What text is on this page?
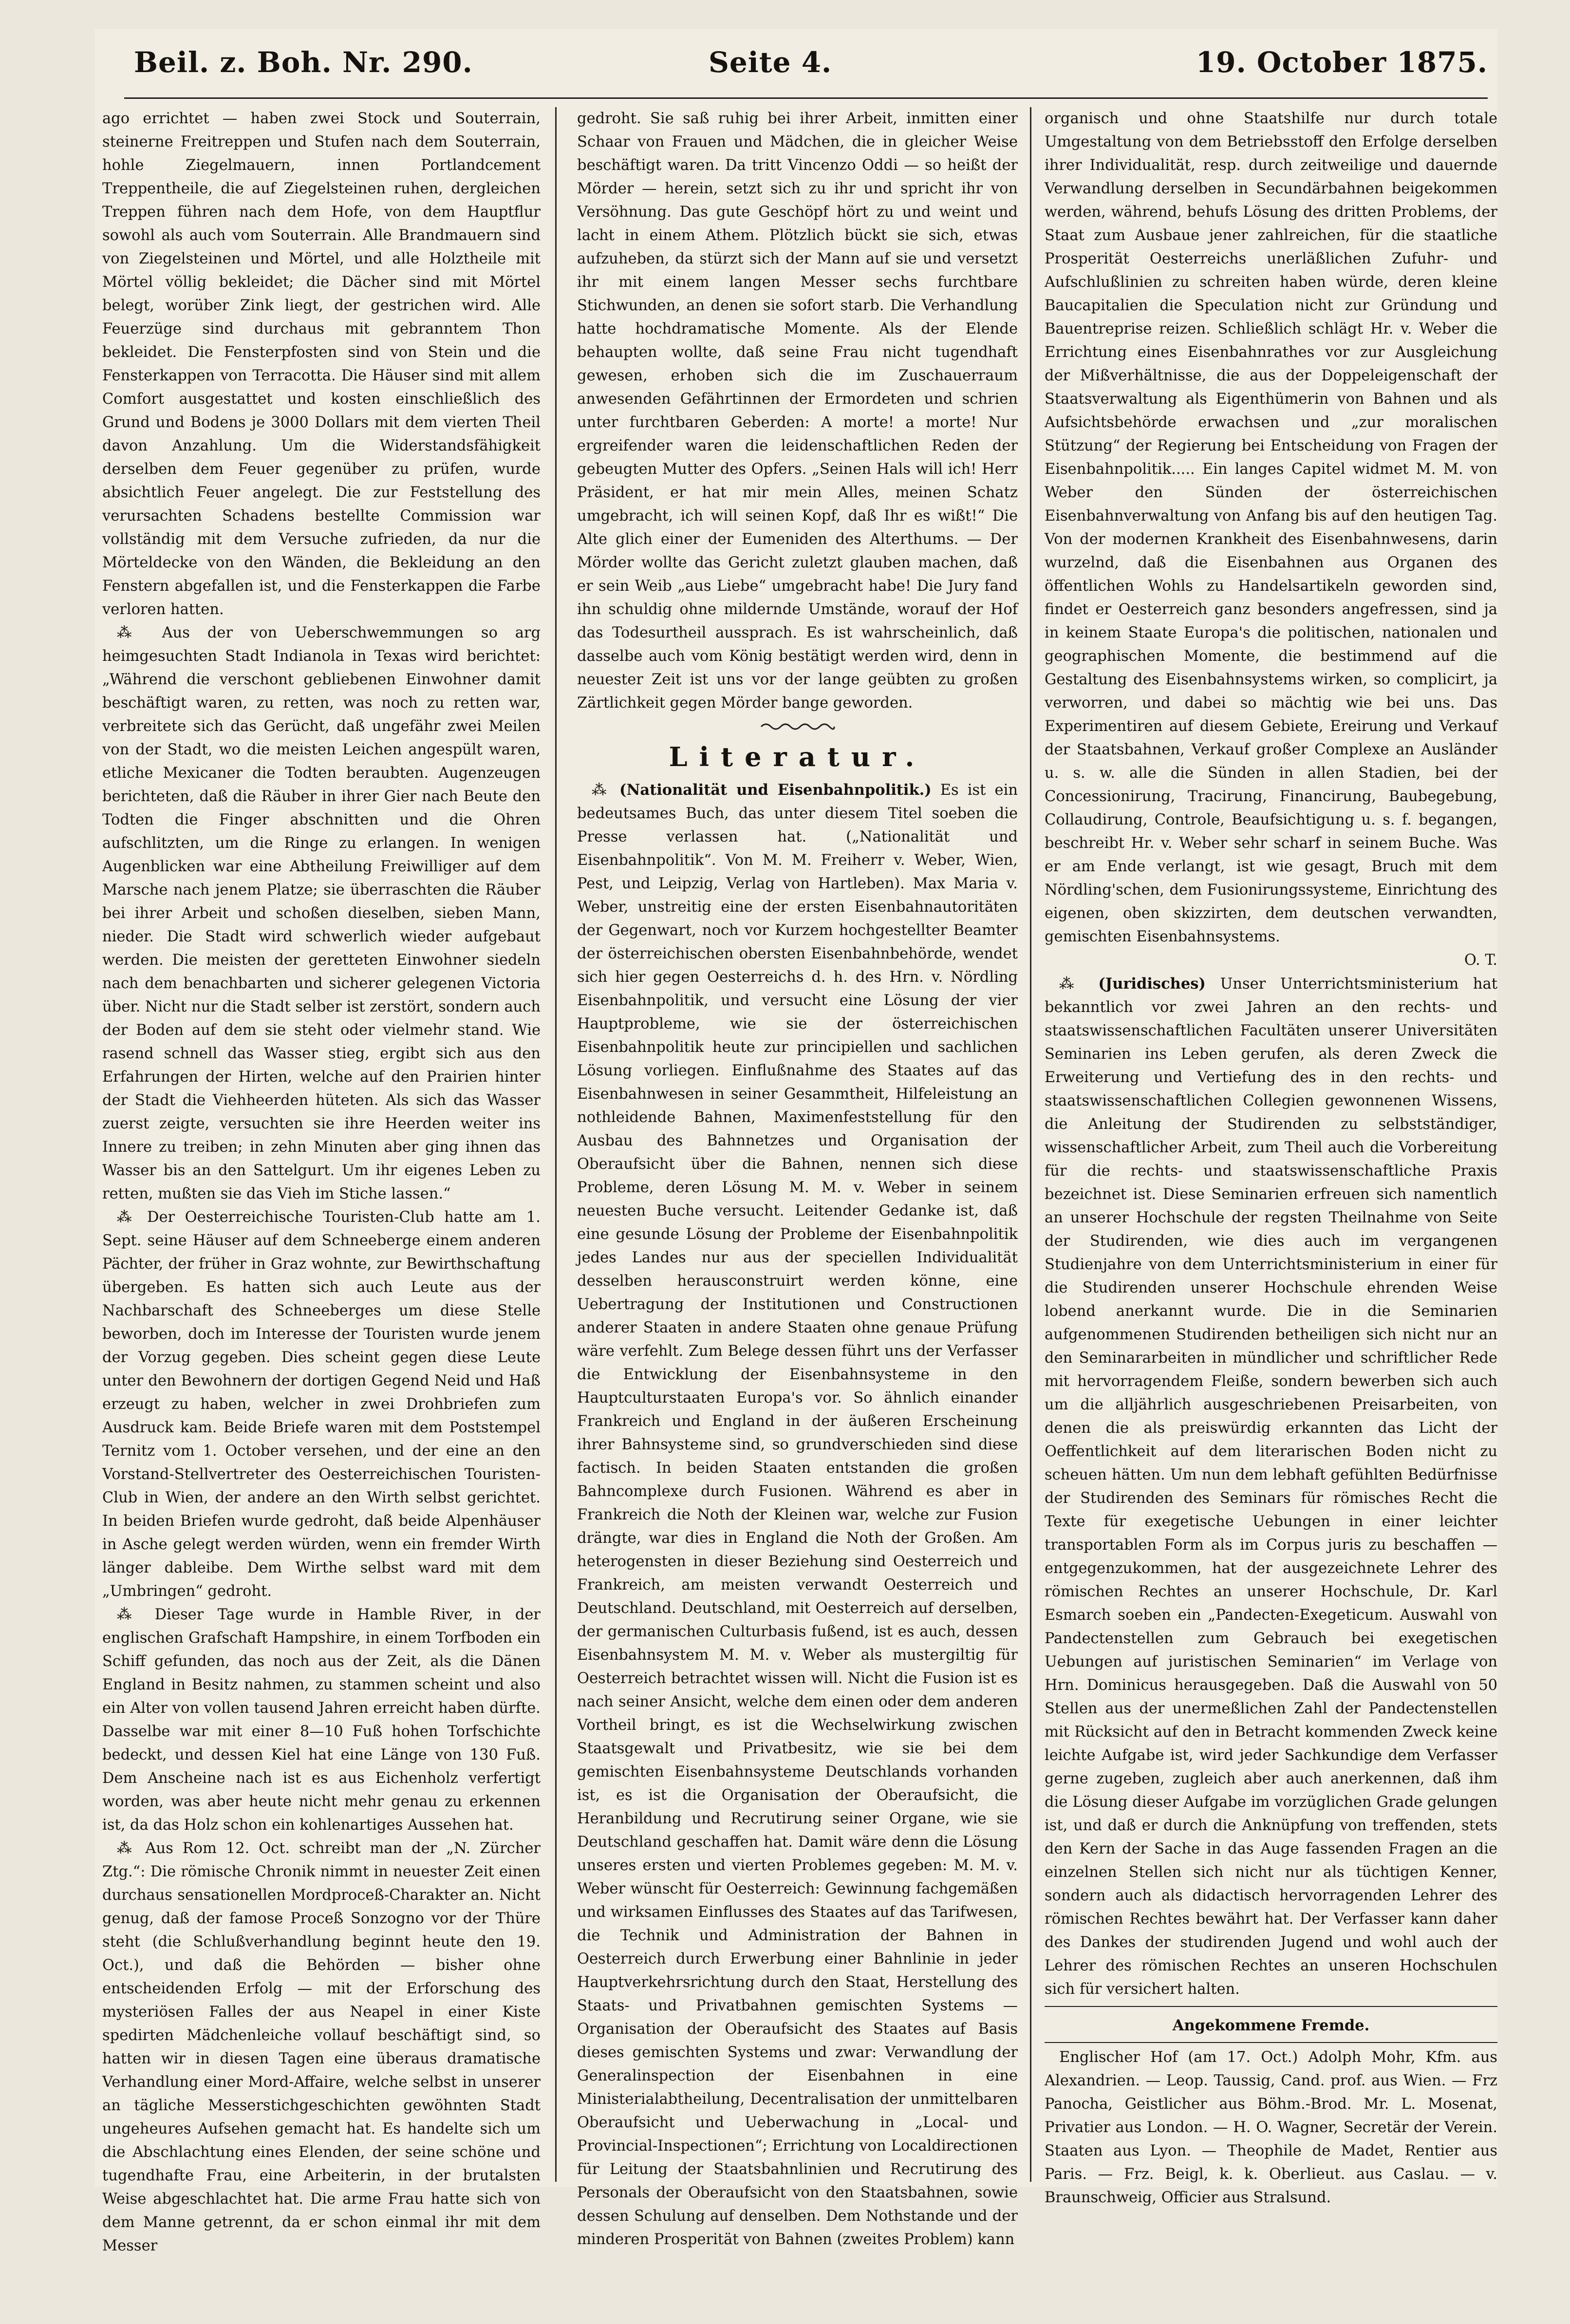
Beil. z. Boh. Nr. 290.	Seite 4.	19. October 1875.

ago errichtet — haben zwei Stock und Souterrain, steinerne Freitreppen und Stufen nach dem Souterrain, hohle Ziegelmauern, innen Portlandcement Treppentheile, die auf Ziegelsteinen ruhen, dergleichen Treppen führen nach dem Hofe, von dem Hauptflur sowohl als auch vom Souterrain. Alle Brandmauern sind von Ziegelsteinen und Mörtel, und alle Holztheile mit Mörtel völlig bekleidet; die Dächer sind mit Mörtel belegt, worüber Zink liegt, der gestrichen wird. Alle Feuerzüge sind durchaus mit gebranntem Thon bekleidet. Die Fensterpfosten sind von Stein und die Fensterkappen von Terracotta. Die Häuser sind mit allem Comfort ausgestattet und kosten einschließlich des Grund und Bodens je 3000 Dollars mit dem vierten Theil davon Anzahlung. Um die Widerstandsfähigkeit derselben dem Feuer gegenüber zu prüfen, wurde absichtlich Feuer angelegt. Die zur Feststellung des verursachten Schadens bestellte Commission war vollständig mit dem Versuche zufrieden, da nur die Mörteldecke von den Wänden, die Bekleidung an den Fenstern abgefallen ist, und die Fensterkappen die Farbe verloren hatten.

⁂ Aus der von Ueberschwemmungen so arg heimgesuchten Stadt Indianola in Texas wird berichtet: „Während die verschont gebliebenen Einwohner damit beschäftigt waren, zu retten, was noch zu retten war, verbreitete sich das Gerücht, daß ungefähr zwei Meilen von der Stadt, wo die meisten Leichen angespült waren, etliche Mexicaner die Todten beraubten. Augenzeugen berichteten, daß die Räuber in ihrer Gier nach Beute den Todten die Finger abschnitten und die Ohren aufschlitzten, um die Ringe zu erlangen. In wenigen Augenblicken war eine Abtheilung Freiwilliger auf dem Marsche nach jenem Platze; sie überraschten die Räuber bei ihrer Arbeit und schoßen dieselben, sieben Mann, nieder. Die Stadt wird schwerlich wieder aufgebaut werden. Die meisten der geretteten Einwohner siedeln nach dem benachbarten und sicherer gelegenen Victoria über. Nicht nur die Stadt selber ist zerstört, sondern auch der Boden auf dem sie steht oder vielmehr stand. Wie rasend schnell das Wasser stieg, ergibt sich aus den Erfahrungen der Hirten, welche auf den Prairien hinter der Stadt die Viehheerden hüteten. Als sich das Wasser zuerst zeigte, versuchten sie ihre Heerden weiter ins Innere zu treiben; in zehn Minuten aber ging ihnen das Wasser bis an den Sattelgurt. Um ihr eigenes Leben zu retten, mußten sie das Vieh im Stiche lassen.“

⁂ Der Oesterreichische Touristen-Club hatte am 1. Sept. seine Häuser auf dem Schneeberge einem anderen Pächter, der früher in Graz wohnte, zur Bewirthschaftung übergeben. Es hatten sich auch Leute aus der Nachbarschaft des Schneeberges um diese Stelle beworben, doch im Interesse der Touristen wurde jenem der Vorzug gegeben. Dies scheint gegen diese Leute unter den Bewohnern der dortigen Gegend Neid und Haß erzeugt zu haben, welcher in zwei Drohbriefen zum Ausdruck kam. Beide Briefe waren mit dem Poststempel Ternitz vom 1. October versehen, und der eine an den Vorstand-Stellvertreter des Oesterreichischen Touristen-Club in Wien, der andere an den Wirth selbst gerichtet. In beiden Briefen wurde gedroht, daß beide Alpenhäuser in Asche gelegt werden würden, wenn ein fremder Wirth länger dableibe. Dem Wirthe selbst ward mit dem „Umbringen“ gedroht.

⁂ Dieser Tage wurde in Hamble River, in der englischen Grafschaft Hampshire, in einem Torfboden ein Schiff gefunden, das noch aus der Zeit, als die Dänen England in Besitz nahmen, zu stammen scheint und also ein Alter von vollen tausend Jahren erreicht haben dürfte. Dasselbe war mit einer 8—10 Fuß hohen Torfschichte bedeckt, und dessen Kiel hat eine Länge von 130 Fuß. Dem Anscheine nach ist es aus Eichenholz verfertigt worden, was aber heute nicht mehr genau zu erkennen ist, da das Holz schon ein kohlenartiges Aussehen hat.

⁂ Aus Rom 12. Oct. schreibt man der „N. Zürcher Ztg.“: Die römische Chronik nimmt in neuester Zeit einen durchaus sensationellen Mordproceß-Charakter an. Nicht genug, daß der famose Proceß Sonzogno vor der Thüre steht (die Schlußverhandlung beginnt heute den 19. Oct.), und daß die Behörden — bisher ohne entscheidenden Erfolg — mit der Erforschung des mysteriösen Falles der aus Neapel in einer Kiste spedirten Mädchenleiche vollauf beschäftigt sind, so hatten wir in diesen Tagen eine überaus dramatische Verhandlung einer Mord-Affaire, welche selbst in unserer an tägliche Messerstichgeschichten gewöhnten Stadt ungeheures Aufsehen gemacht hat. Es handelte sich um die Abschlachtung eines Elenden, der seine schöne und tugendhafte Frau, eine Arbeiterin, in der brutalsten Weise abgeschlachtet hat. Die arme Frau hatte sich von dem Manne getrennt, da er schon einmal ihr mit dem Messer

gedroht. Sie saß ruhig bei ihrer Arbeit, inmitten einer Schaar von Frauen und Mädchen, die in gleicher Weise beschäftigt waren. Da tritt Vincenzo Oddi — so heißt der Mörder — herein, setzt sich zu ihr und spricht ihr von Versöhnung. Das gute Geschöpf hört zu und weint und lacht in einem Athem. Plötzlich bückt sie sich, etwas aufzuheben, da stürzt sich der Mann auf sie und versetzt ihr mit einem langen Messer sechs furchtbare Stichwunden, an denen sie sofort starb. Die Verhandlung hatte hochdramatische Momente. Als der Elende behaupten wollte, daß seine Frau nicht tugendhaft gewesen, erhoben sich die im Zuschauerraum anwesenden Gefährtinnen der Ermordeten und schrien unter furchtbaren Geberden: A morte! a morte! Nur ergreifender waren die leidenschaftlichen Reden der gebeugten Mutter des Opfers. „Seinen Hals will ich! Herr Präsident, er hat mir mein Alles, meinen Schatz umgebracht, ich will seinen Kopf, daß Ihr es wißt!“ Die Alte glich einer der Eumeniden des Alterthums. — Der Mörder wollte das Gericht zuletzt glauben machen, daß er sein Weib „aus Liebe“ umgebracht habe! Die Jury fand ihn schuldig ohne mildernde Umstände, worauf der Hof das Todesurtheil aussprach. Es ist wahrscheinlich, daß dasselbe auch vom König bestätigt werden wird, denn in neuester Zeit ist uns vor der lange geübten zu großen Zärtlichkeit gegen Mörder bange geworden.

Literatur.

⁂ (Nationalität und Eisenbahnpolitik.) Es ist ein bedeutsames Buch, das unter diesem Titel soeben die Presse verlassen hat. („Nationalität und Eisenbahnpolitik“. Von M. M. Freiherr v. Weber, Wien, Pest, und Leipzig, Verlag von Hartleben). Max Maria v. Weber, unstreitig eine der ersten Eisenbahnautoritäten der Gegenwart, noch vor Kurzem hochgestellter Beamter der österreichischen obersten Eisenbahnbehörde, wendet sich hier gegen Oesterreichs d. h. des Hrn. v. Nördling Eisenbahnpolitik, und versucht eine Lösung der vier Hauptprobleme, wie sie der österreichischen Eisenbahnpolitik heute zur principiellen und sachlichen Lösung vorliegen. Einflußnahme des Staates auf das Eisenbahnwesen in seiner Gesammtheit, Hilfeleistung an nothleidende Bahnen, Maximenfeststellung für den Ausbau des Bahnnetzes und Organisation der Oberaufsicht über die Bahnen, nennen sich diese Probleme, deren Lösung M. M. v. Weber in seinem neuesten Buche versucht. Leitender Gedanke ist, daß eine gesunde Lösung der Probleme der Eisenbahnpolitik jedes Landes nur aus der speciellen Individualität desselben herausconstruirt werden könne, eine Uebertragung der Institutionen und Constructionen anderer Staaten in andere Staaten ohne genaue Prüfung wäre verfehlt. Zum Belege dessen führt uns der Verfasser die Entwicklung der Eisenbahnsysteme in den Hauptculturstaaten Europa's vor. So ähnlich einander Frankreich und England in der äußeren Erscheinung ihrer Bahnsysteme sind, so grundverschieden sind diese factisch. In beiden Staaten entstanden die großen Bahncomplexe durch Fusionen. Während es aber in Frankreich die Noth der Kleinen war, welche zur Fusion drängte, war dies in England die Noth der Großen. Am heterogensten in dieser Beziehung sind Oesterreich und Frankreich, am meisten verwandt Oesterreich und Deutschland. Deutschland, mit Oesterreich auf derselben, der germanischen Culturbasis fußend, ist es auch, dessen Eisenbahnsystem M. M. v. Weber als mustergiltig für Oesterreich betrachtet wissen will. Nicht die Fusion ist es nach seiner Ansicht, welche dem einen oder dem anderen Vortheil bringt, es ist die Wechselwirkung zwischen Staatsgewalt und Privatbesitz, wie sie bei dem gemischten Eisenbahnsysteme Deutschlands vorhanden ist, es ist die Organisation der Oberaufsicht, die Heranbildung und Recrutirung seiner Organe, wie sie Deutschland geschaffen hat. Damit wäre denn die Lösung unseres ersten und vierten Problemes gegeben: M. M. v. Weber wünscht für Oesterreich: Gewinnung fachgemäßen und wirksamen Einflusses des Staates auf das Tarifwesen, die Technik und Administration der Bahnen in Oesterreich durch Erwerbung einer Bahnlinie in jeder Hauptverkehrsrichtung durch den Staat, Herstellung des Staats- und Privatbahnen gemischten Systems — Organisation der Oberaufsicht des Staates auf Basis dieses gemischten Systems und zwar: Verwandlung der Generalinspection der Eisenbahnen in eine Ministerialabtheilung, Decentralisation der unmittelbaren Oberaufsicht und Ueberwachung in „Local- und Provincial-Inspectionen“; Errichtung von Localdirectionen für Leitung der Staatsbahnlinien und Recrutirung des Personals der Oberaufsicht von den Staatsbahnen, sowie dessen Schulung auf denselben. Dem Nothstande und der minderen Prosperität von Bahnen (zweites Problem) kann

organisch und ohne Staatshilfe nur durch totale Umgestaltung von dem Betriebsstoff den Erfolge derselben ihrer Individualität, resp. durch zeitweilige und dauernde Verwandlung derselben in Secundärbahnen beigekommen werden, während, behufs Lösung des dritten Problems, der Staat zum Ausbaue jener zahlreichen, für die staatliche Prosperität Oesterreichs unerläßlichen Zufuhr- und Aufschlußlinien zu schreiten haben würde, deren kleine Baucapitalien die Speculation nicht zur Gründung und Bauentreprise reizen. Schließlich schlägt Hr. v. Weber die Errichtung eines Eisenbahnrathes vor zur Ausgleichung der Mißverhältnisse, die aus der Doppeleigenschaft der Staatsverwaltung als Eigenthümerin von Bahnen und als Aufsichtsbehörde erwachsen und „zur moralischen Stützung“ der Regierung bei Entscheidung von Fragen der Eisenbahnpolitik..... Ein langes Capitel widmet M. M. von Weber den Sünden der österreichischen Eisenbahnverwaltung von Anfang bis auf den heutigen Tag. Von der modernen Krankheit des Eisenbahnwesens, darin wurzelnd, daß die Eisenbahnen aus Organen des öffentlichen Wohls zu Handelsartikeln geworden sind, findet er Oesterreich ganz besonders angefressen, sind ja in keinem Staate Europa's die politischen, nationalen und geographischen Momente, die bestimmend auf die Gestaltung des Eisenbahnsystems wirken, so complicirt, ja verworren, und dabei so mächtig wie bei uns. Das Experimentiren auf diesem Gebiete, Ereirung und Verkauf der Staatsbahnen, Verkauf großer Complexe an Ausländer u. s. w. alle die Sünden in allen Stadien, bei der Concessionirung, Tracirung, Financirung, Baubegebung, Collaudirung, Controle, Beaufsichtigung u. s. f. begangen, beschreibt Hr. v. Weber sehr scharf in seinem Buche. Was er am Ende verlangt, ist wie gesagt, Bruch mit dem Nördling'schen, dem Fusionirungssysteme, Einrichtung des eigenen, oben skizzirten, dem deutschen verwandten, gemischten Eisenbahnsystems.

O. T.

⁂ (Juridisches) Unser Unterrichtsministerium hat bekanntlich vor zwei Jahren an den rechts- und staatswissenschaftlichen Facultäten unserer Universitäten Seminarien ins Leben gerufen, als deren Zweck die Erweiterung und Vertiefung des in den rechts- und staatswissenschaftlichen Collegien gewonnenen Wissens, die Anleitung der Studirenden zu selbstständiger, wissenschaftlicher Arbeit, zum Theil auch die Vorbereitung für die rechts- und staatswissenschaftliche Praxis bezeichnet ist. Diese Seminarien erfreuen sich namentlich an unserer Hochschule der regsten Theilnahme von Seite der Studirenden, wie dies auch im vergangenen Studienjahre von dem Unterrichtsministerium in einer für die Studirenden unserer Hochschule ehrenden Weise lobend anerkannt wurde. Die in die Seminarien aufgenommenen Studirenden betheiligen sich nicht nur an den Seminararbeiten in mündlicher und schriftlicher Rede mit hervorragendem Fleiße, sondern bewerben sich auch um die alljährlich ausgeschriebenen Preisarbeiten, von denen die als preiswürdig erkannten das Licht der Oeffentlichkeit auf dem literarischen Boden nicht zu scheuen hätten. Um nun dem lebhaft gefühlten Bedürfnisse der Studirenden des Seminars für römisches Recht die Texte für exegetische Uebungen in einer leichter transportablen Form als im Corpus juris zu beschaffen — entgegenzukommen, hat der ausgezeichnete Lehrer des römischen Rechtes an unserer Hochschule, Dr. Karl Esmarch soeben ein „Pandecten-Exegeticum. Auswahl von Pandectenstellen zum Gebrauch bei exegetischen Uebungen auf juristischen Seminarien“ im Verlage von Hrn. Dominicus herausgegeben. Daß die Auswahl von 50 Stellen aus der unermeßlichen Zahl der Pandectenstellen mit Rücksicht auf den in Betracht kommenden Zweck keine leichte Aufgabe ist, wird jeder Sachkundige dem Verfasser gerne zugeben, zugleich aber auch anerkennen, daß ihm die Lösung dieser Aufgabe im vorzüglichen Grade gelungen ist, und daß er durch die Anknüpfung von treffenden, stets den Kern der Sache in das Auge fassenden Fragen an die einzelnen Stellen sich nicht nur als tüchtigen Kenner, sondern auch als didactisch hervorragenden Lehrer des römischen Rechtes bewährt hat. Der Verfasser kann daher des Dankes der studirenden Jugend und wohl auch der Lehrer des römischen Rechtes an unseren Hochschulen sich für versichert halten.

Angekommene Fremde.

Englischer Hof (am 17. Oct.) Adolph Mohr, Kfm. aus Alexandrien. — Leop. Taussig, Cand. prof. aus Wien. — Frz Panocha, Geistlicher aus Böhm.-Brod. Mr. L. Mosenat, Privatier aus London. — H. O. Wagner, Secretär der Verein. Staaten aus Lyon. — Theophile de Madet, Rentier aus Paris. — Frz. Beigl, k. k. Oberlieut. aus Caslau. — v. Braunschweig, Officier aus Stralsund.
